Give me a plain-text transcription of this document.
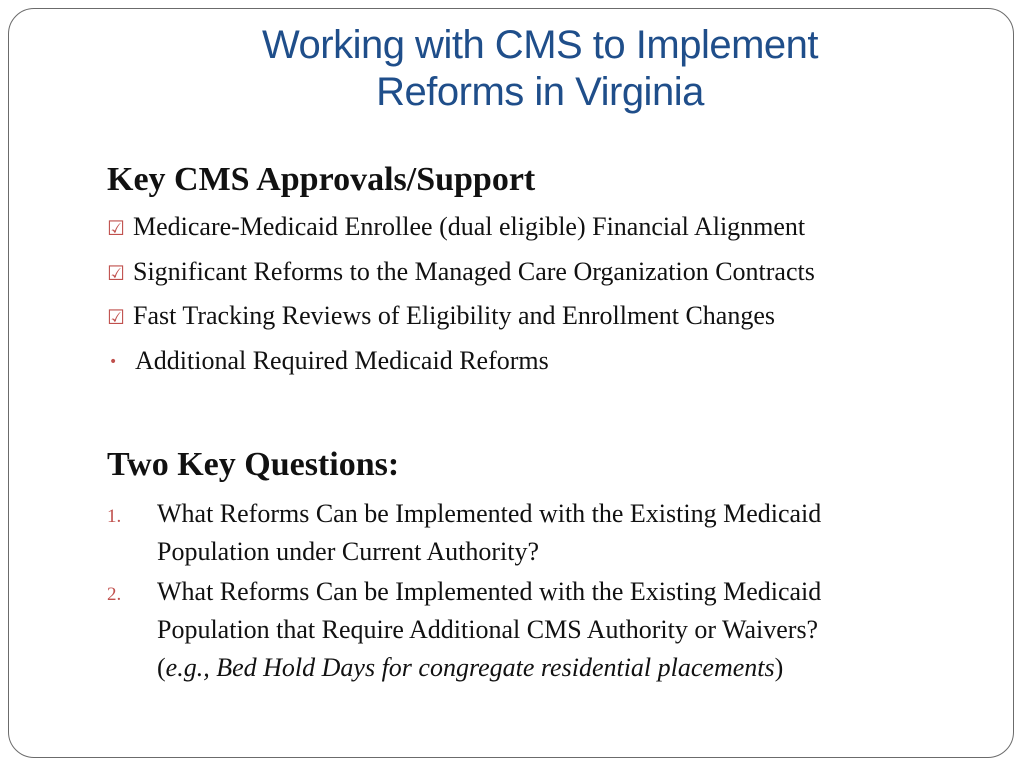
Working with CMS to Implement
Reforms in Virginia
Key CMS Approvals/Support
☑ Medicare-Medicaid Enrollee (dual eligible) Financial Alignment
☑ Significant Reforms to the Managed Care Organization Contracts
☑ Fast Tracking Reviews of Eligibility and Enrollment Changes
• Additional Required Medicaid Reforms
Two Key Questions:
1.	What Reforms Can be Implemented with the Existing Medicaid
Population under Current Authority?
2.	What Reforms Can be Implemented with the Existing Medicaid
Population that Require Additional CMS Authority or Waivers?
(e.g., Bed Hold Days for congregate residential placements)
